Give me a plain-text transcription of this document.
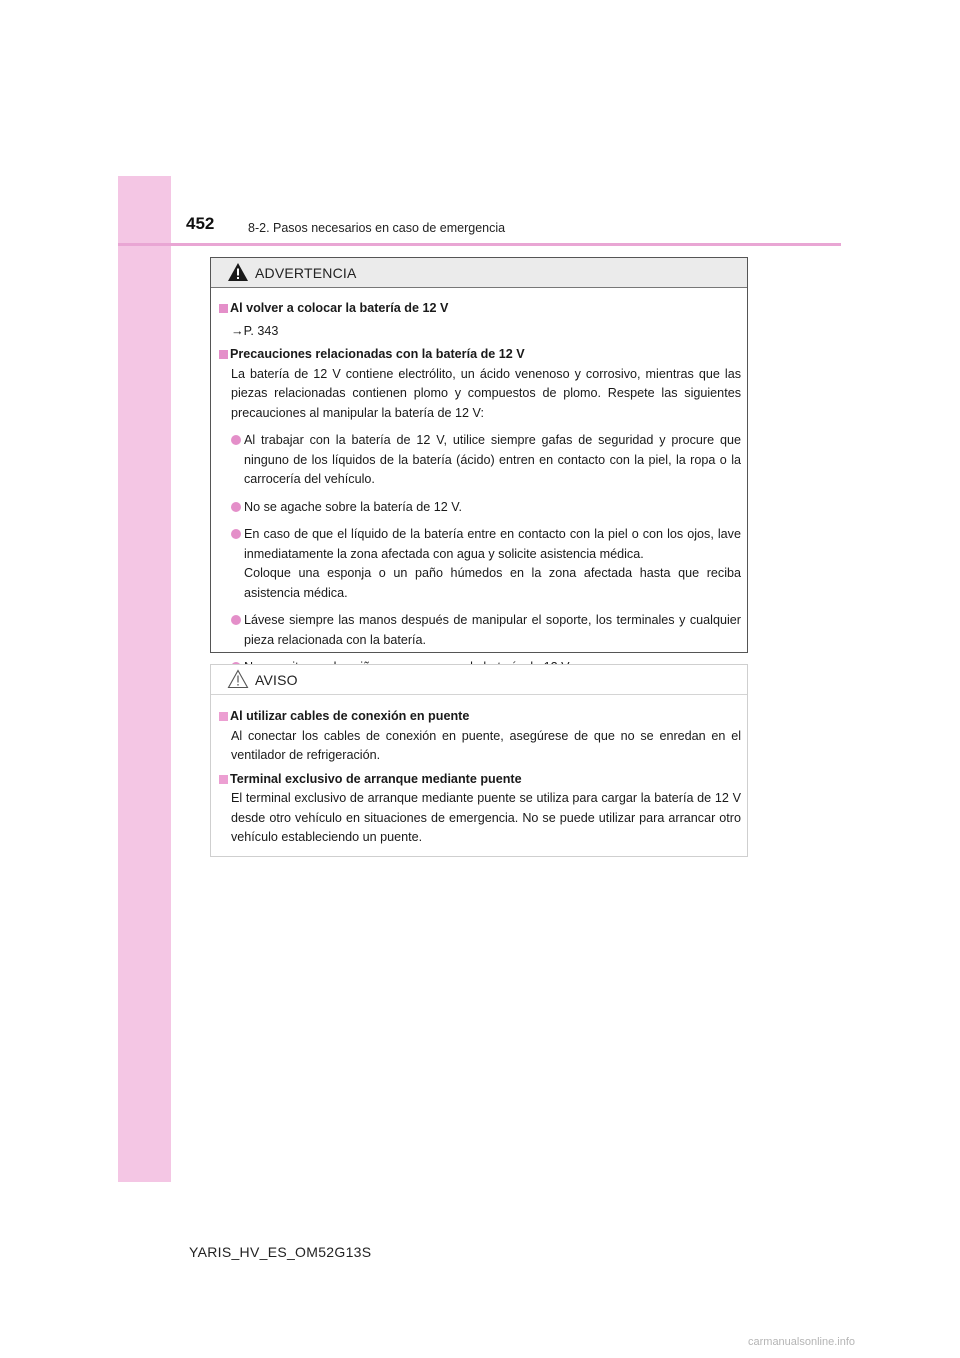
452	8-2. Pasos necesarios en caso de emergencia
ADVERTENCIA
Al volver a colocar la batería de 12 V
→P. 343
Precauciones relacionadas con la batería de 12 V
La batería de 12 V contiene electrólito, un ácido venenoso y corrosivo, mientras que las piezas relacionadas contienen plomo y compuestos de plomo. Respete las siguientes precauciones al manipular la batería de 12 V:
Al trabajar con la batería de 12 V, utilice siempre gafas de seguridad y procure que ninguno de los líquidos de la batería (ácido) entren en contacto con la piel, la ropa o la carrocería del vehículo.
No se agache sobre la batería de 12 V.
En caso de que el líquido de la batería entre en contacto con la piel o con los ojos, lave inmediatamente la zona afectada con agua y solicite asistencia médica.
Coloque una esponja o un paño húmedos en la zona afectada hasta que reciba asistencia médica.
Lávese siempre las manos después de manipular el soporte, los terminales y cualquier pieza relacionada con la batería.
AVISO
Al utilizar cables de conexión en puente
Al conectar los cables de conexión en puente, asegúrese de que no se enredan en el ventilador de refrigeración.
Terminal exclusivo de arranque mediante puente
El terminal exclusivo de arranque mediante puente se utiliza para cargar la batería de 12 V desde otro vehículo en situaciones de emergencia. No se puede utilizar para arrancar otro vehículo estableciendo un puente.
YARIS_HV_ES_OM52G13S
carmanualsonline.info
